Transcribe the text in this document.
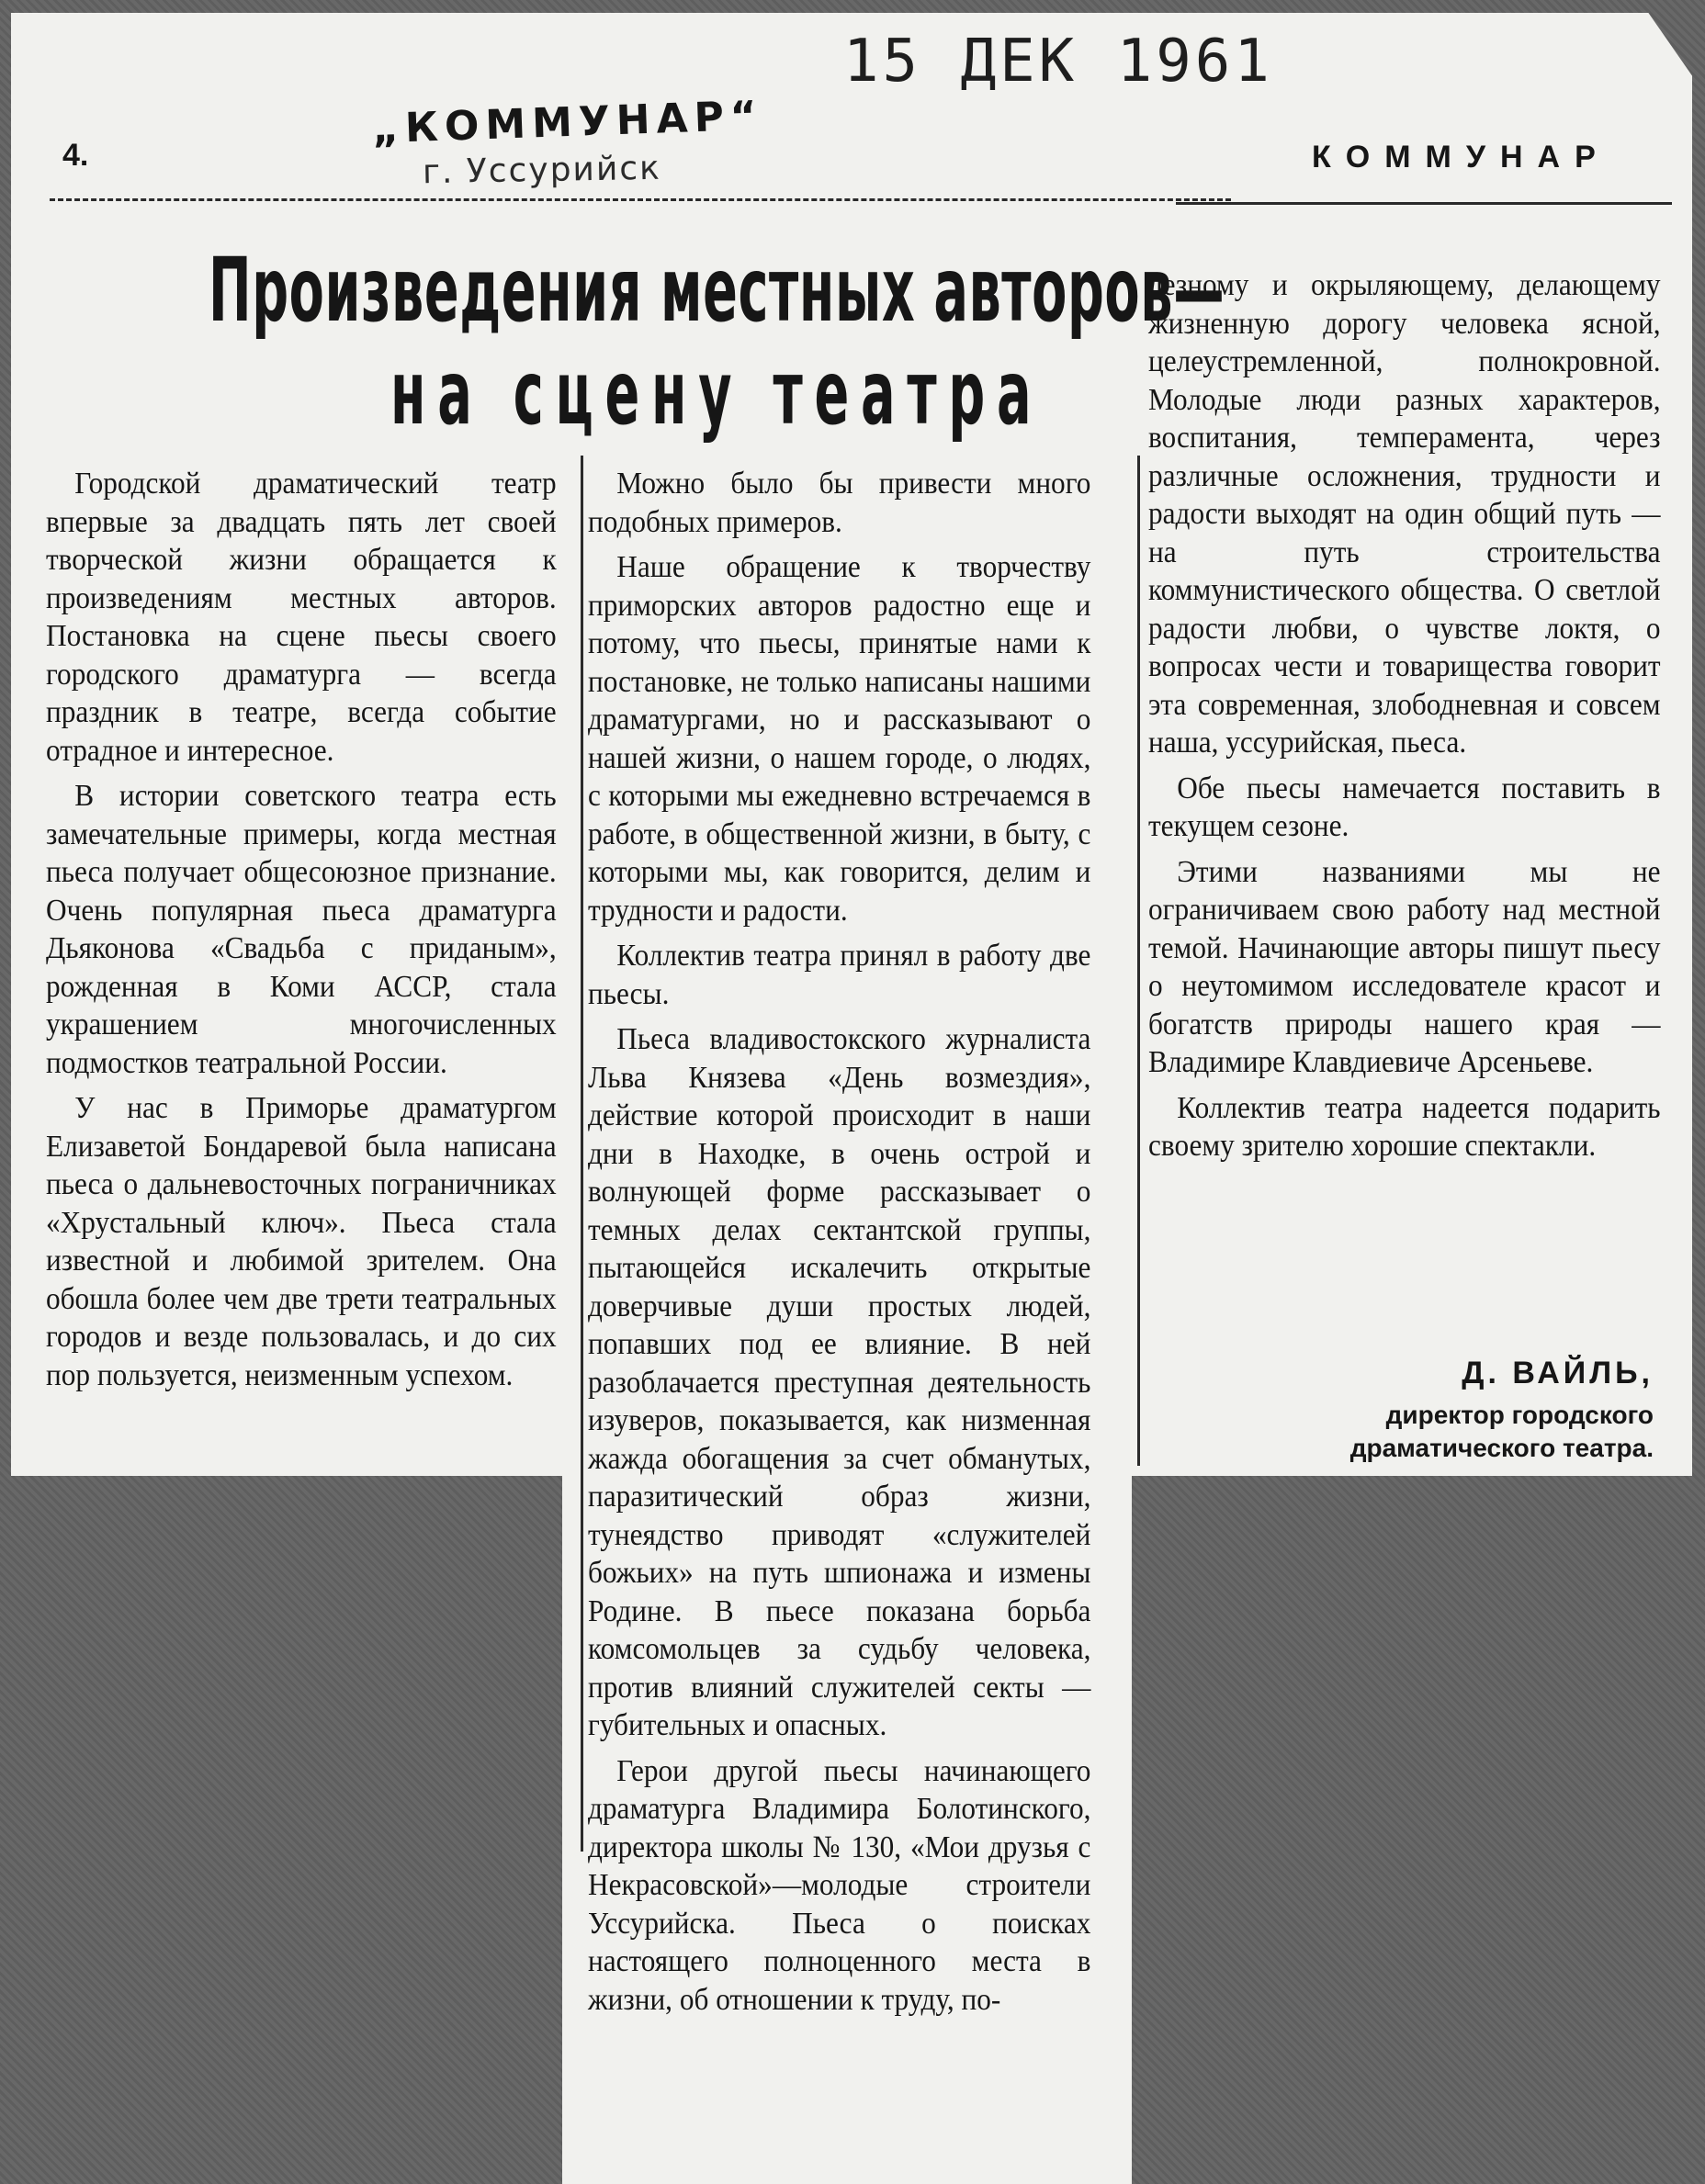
4.
„КОММУНАР“
г. Уссурийск
15 ДЕК 1961
КОММУНАР
Произведения местных авторов—
на сцену театра

Городской драматический театр впервые за двадцать пять лет своей творческой жизни обращается к произведениям местных авторов. Постановка на сцене пьесы своего городского драматурга — всегда праздник в театре, всегда событие отрадное и интересное.

В истории советского театра есть замечательные примеры, когда местная пьеса получает общесоюзное признание. Очень популярная пьеса драматурга Дьяконова «Свадьба с приданым», рожденная в Коми АССР, стала украшением многочисленных подмостков театральной России.

У нас в Приморье драматургом Елизаветой Бондаревой была написана пьеса о дальневосточных пограничниках «Хрустальный ключ». Пьеса стала известной и любимой зрителем. Она обошла более чем две трети театральных городов и везде пользовалась, и до сих пор пользуется, неизменным успехом.

Можно было бы привести много подобных примеров.

Наше обращение к творчеству приморских авторов радостно еще и потому, что пьесы, принятые нами к постановке, не только написаны нашими драматургами, но и рассказывают о нашей жизни, о нашем городе, о людях, с которыми мы ежедневно встречаемся в работе, в общественной жизни, в быту, с которыми мы, как говорится, делим и трудности и радости.

Коллектив театра принял в работу две пьесы.

Пьеса владивостокского журналиста Льва Князева «День возмездия», действие которой происходит в наши дни в Находке, в очень острой и волнующей форме рассказывает о темных делах сектантской группы, пытающейся искалечить открытые доверчивые души простых людей, попавших под ее влияние. В ней разоблачается преступная деятельность изуверов, показывается, как низменная жажда обогащения за счет обманутых, паразитический образ жизни, тунеядство приводят «служителей божьих» на путь шпионажа и измены Родине. В пьесе показана борьба комсомольцев за судьбу человека, против влияний служителей секты — губительных и опасных.

Герои другой пьесы начинающего драматурга Владимира Болотинского, директора школы № 130, «Мои друзья с Некрасовской»—молодые строители Уссурийска. Пьеса о поисках настоящего полноценного места в жизни, об отношении к труду, по-

лезному и окрыляющему, делающему жизненную дорогу человека ясной, целеустремленной, полнокровной. Молодые люди разных характеров, воспитания, темперамента, через различные осложнения, трудности и радости выходят на один общий путь — на путь строительства коммунистического общества. О светлой радости любви, о чувстве локтя, о вопросах чести и товарищества говорит эта современная, злободневная и совсем наша, уссурийская, пьеса.

Обе пьесы намечается поставить в текущем сезоне.

Этими названиями мы не ограничиваем свою работу над местной темой. Начинающие авторы пишут пьесу о неутомимом исследователе красот и богатств природы нашего края — Владимире Клавдиевиче Арсеньеве.

Коллектив театра надеется подарить своему зрителю хорошие спектакли.

Д. ВАЙЛЬ,
директор городского
драматического театра.
